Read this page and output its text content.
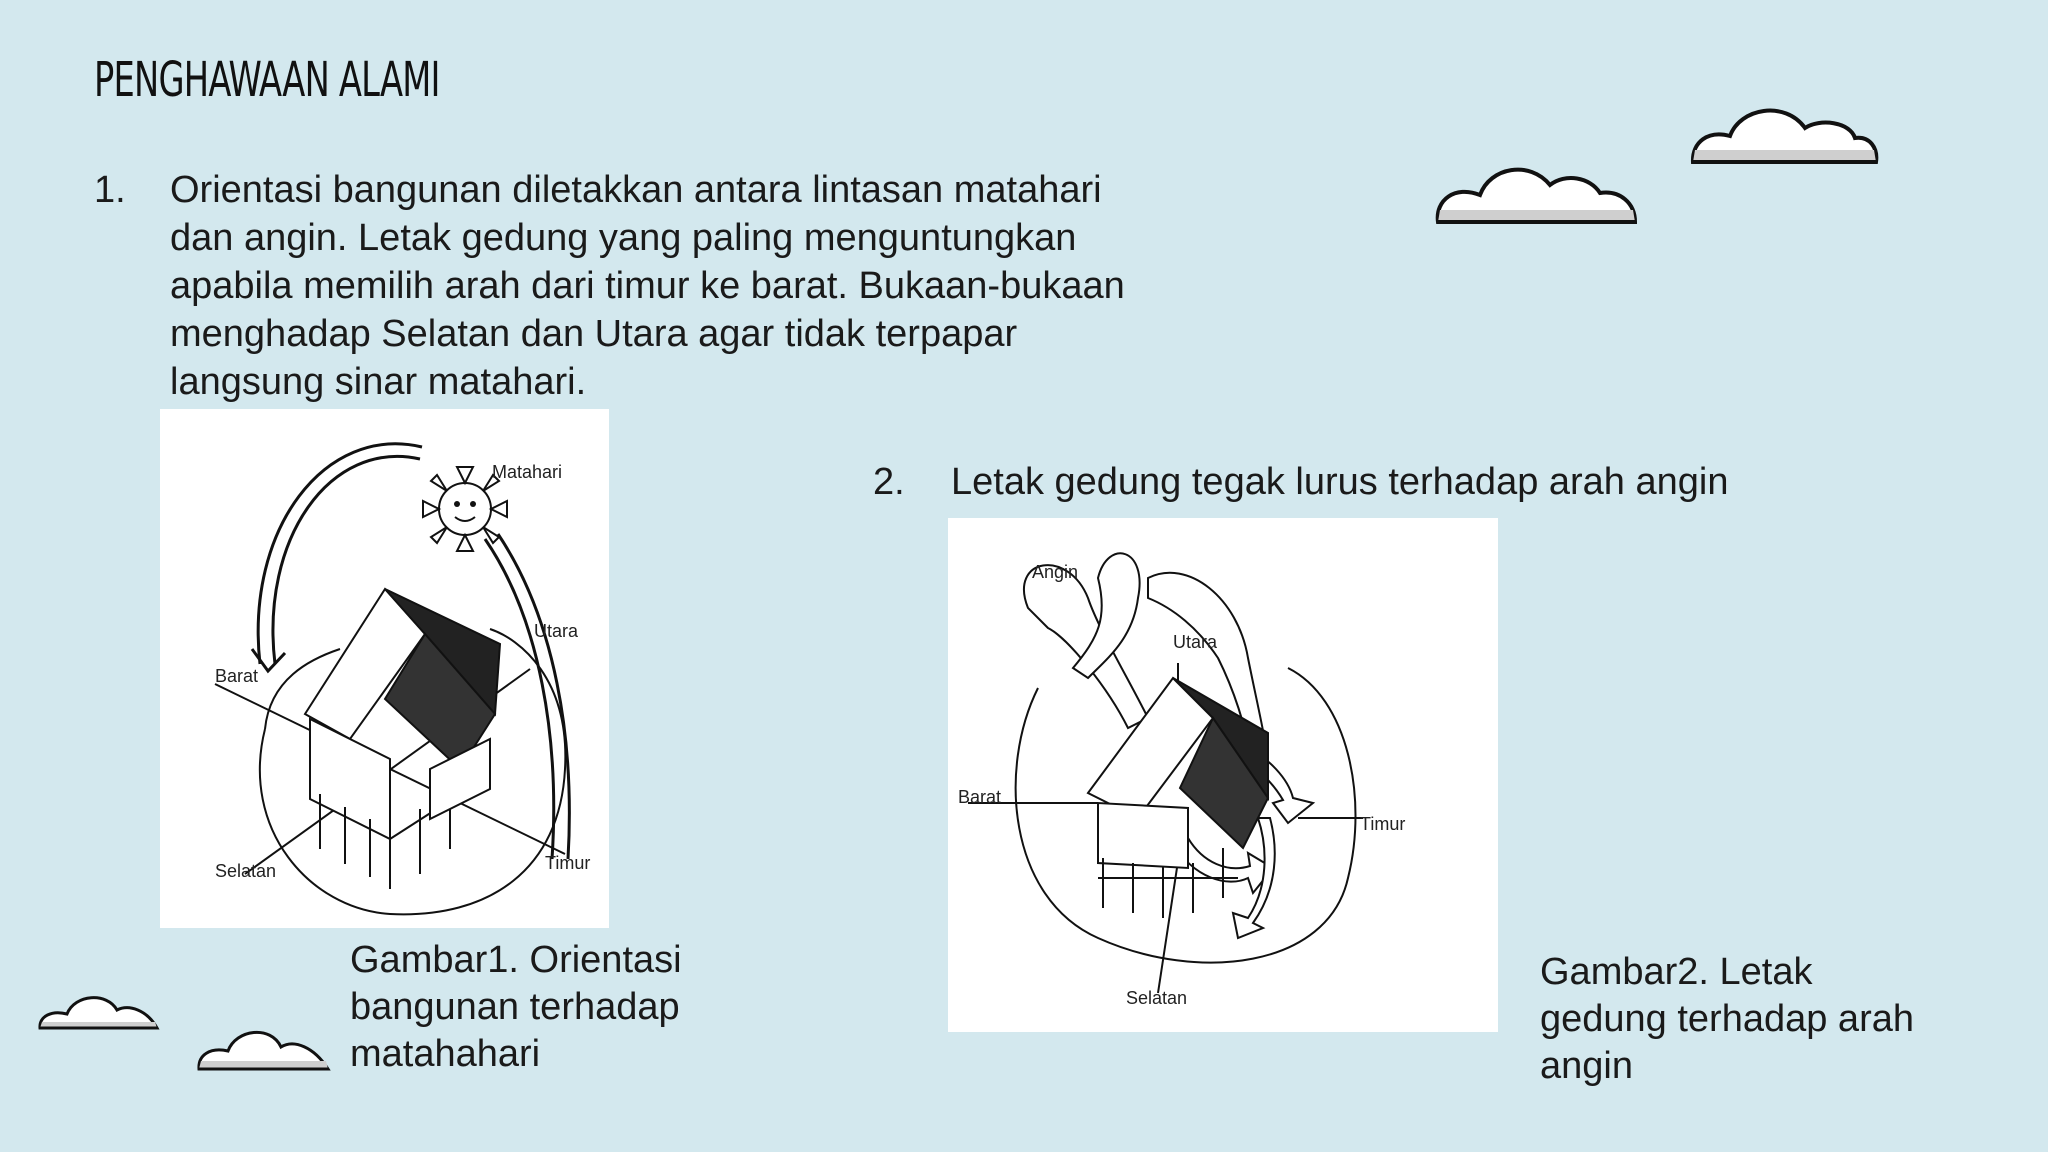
PENGHAWAAN ALAMI
1. Orientasi bangunan diletakkan antara lintasan matahari dan angin. Letak gedung yang paling menguntungkan apabila memilih arah dari timur ke barat. Bukaan-bukaan menghadap Selatan dan Utara agar tidak terpapar langsung sinar matahari.
2. Letak gedung tegak lurus terhadap arah angin
Matahari
Utara
Barat
Selatan	Timur
Angin
Utara
Barat
Timur
Selatan
Gambar1. Orientasi bangunan terhadap matahahari
Gambar2. Letak gedung terhadap arah angin
